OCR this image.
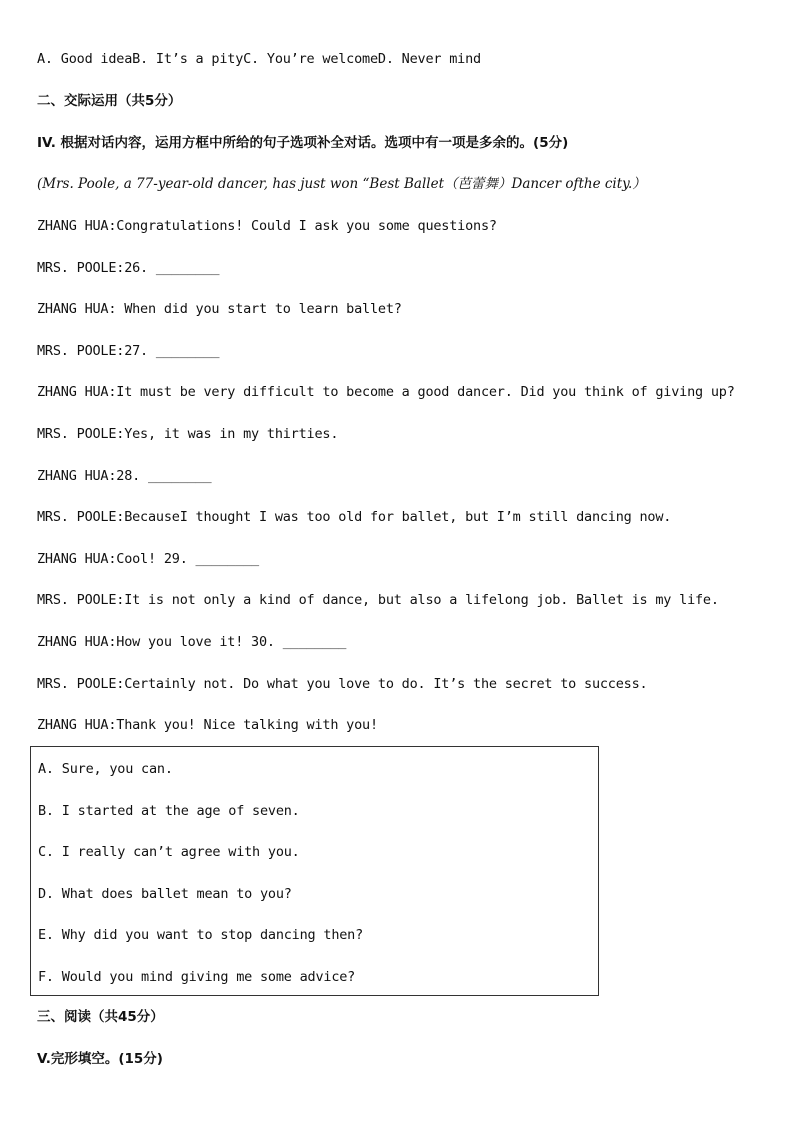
A. Good ideaB. It’s a pityC. You’re welcomeD. Never mind
二、交际运用（共5分）
IV. 根据对话内容，运用方框中所给的句子选项补全对话。选项中有一项是多余的。(5分)
(Mrs. Poole, a 77-year-old dancer, has just won “Best Ballet（芭蕾舞）Dancer ofthe city.）
ZHANG HUA:Congratulations! Could I ask you some questions?
MRS. POOLE:26. ________
ZHANG HUA: When did you start to learn ballet?
MRS. POOLE:27. ________
ZHANG HUA:It must be very difficult to become a good dancer. Did you think of giving up?
MRS. POOLE:Yes, it was in my thirties.
ZHANG HUA:28. ________
MRS. POOLE:BecauseI thought I was too old for ballet, but I’m still dancing now.
ZHANG HUA:Cool! 29. ________
MRS. POOLE:It is not only a kind of dance, but also a lifelong job. Ballet is my life.
ZHANG HUA:How you love it! 30. ________
MRS. POOLE:Certainly not. Do what you love to do. It’s the secret to success.
ZHANG HUA:Thank you! Nice talking with you!
三、阅读（共45分）
V.完形填空。(15分)
A. Sure, you can.
B. I started at the age of seven.
C. I really can’t agree with you.
D. What does ballet mean to you?
E. Why did you want to stop dancing then?
F. Would you mind giving me some advice?
